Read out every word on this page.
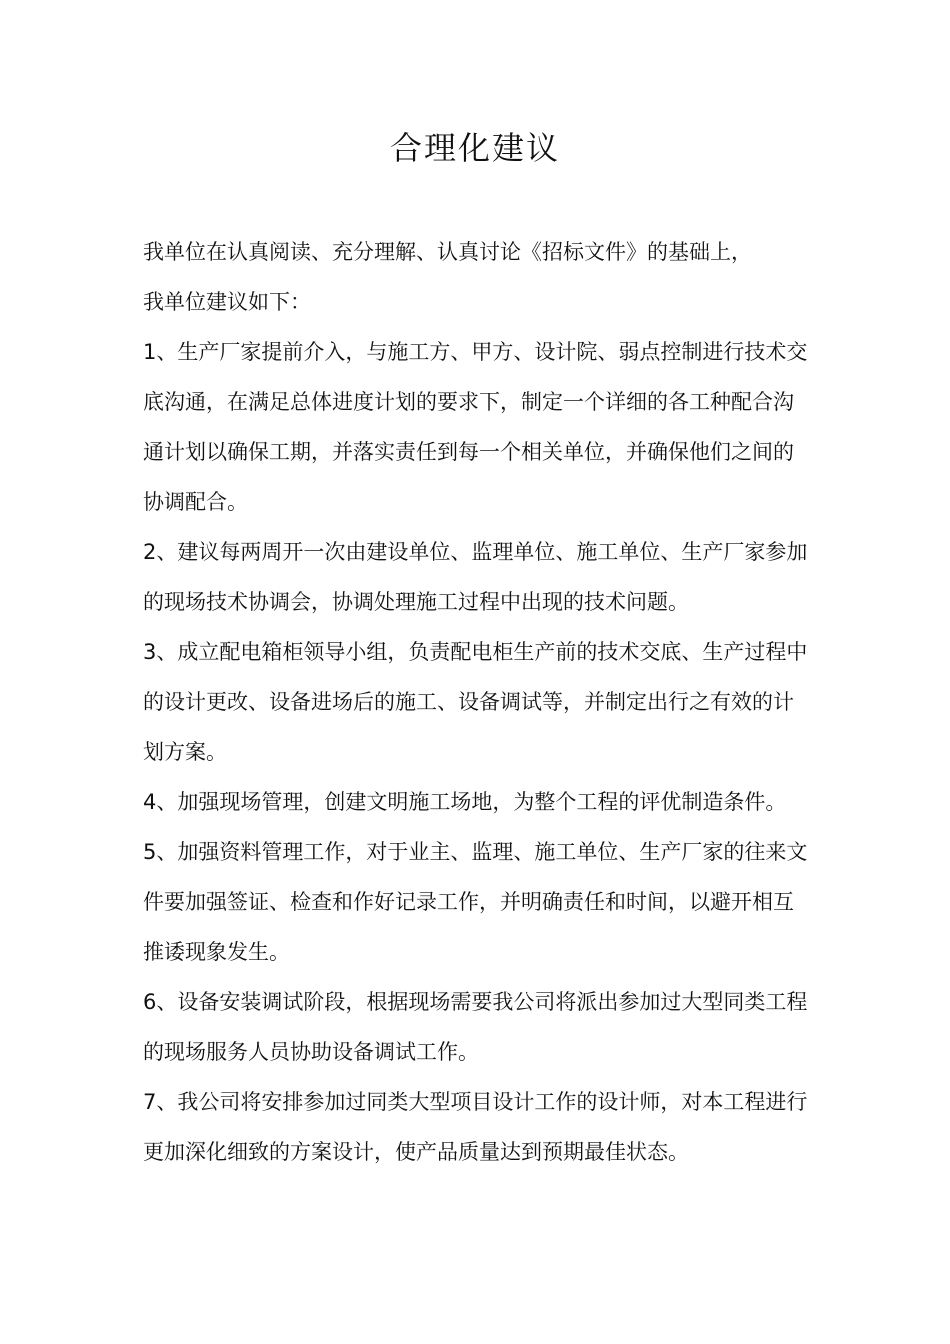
合理化建议

我单位在认真阅读、充分理解、认真讨论《招标文件》的基础上，

我单位建议如下：

1、生产厂家提前介入，与施工方、甲方、设计院、弱点控制进行技术交底沟通，在满足总体进度计划的要求下，制定一个详细的各工种配合沟通计划以确保工期，并落实责任到每一个相关单位，并确保他们之间的协调配合。

2、建议每两周开一次由建设单位、监理单位、施工单位、生产厂家参加的现场技术协调会，协调处理施工过程中出现的技术问题。

3、成立配电箱柜领导小组，负责配电柜生产前的技术交底、生产过程中的设计更改、设备进场后的施工、设备调试等，并制定出行之有效的计划方案。

4、加强现场管理，创建文明施工场地，为整个工程的评优制造条件。

5、加强资料管理工作，对于业主、监理、施工单位、生产厂家的往来文件要加强签证、检查和作好记录工作，并明确责任和时间，以避开相互推诿现象发生。

6、设备安装调试阶段，根据现场需要我公司将派出参加过大型同类工程的现场服务人员协助设备调试工作。

7、我公司将安排参加过同类大型项目设计工作的设计师，对本工程进行更加深化细致的方案设计，使产品质量达到预期最佳状态。
